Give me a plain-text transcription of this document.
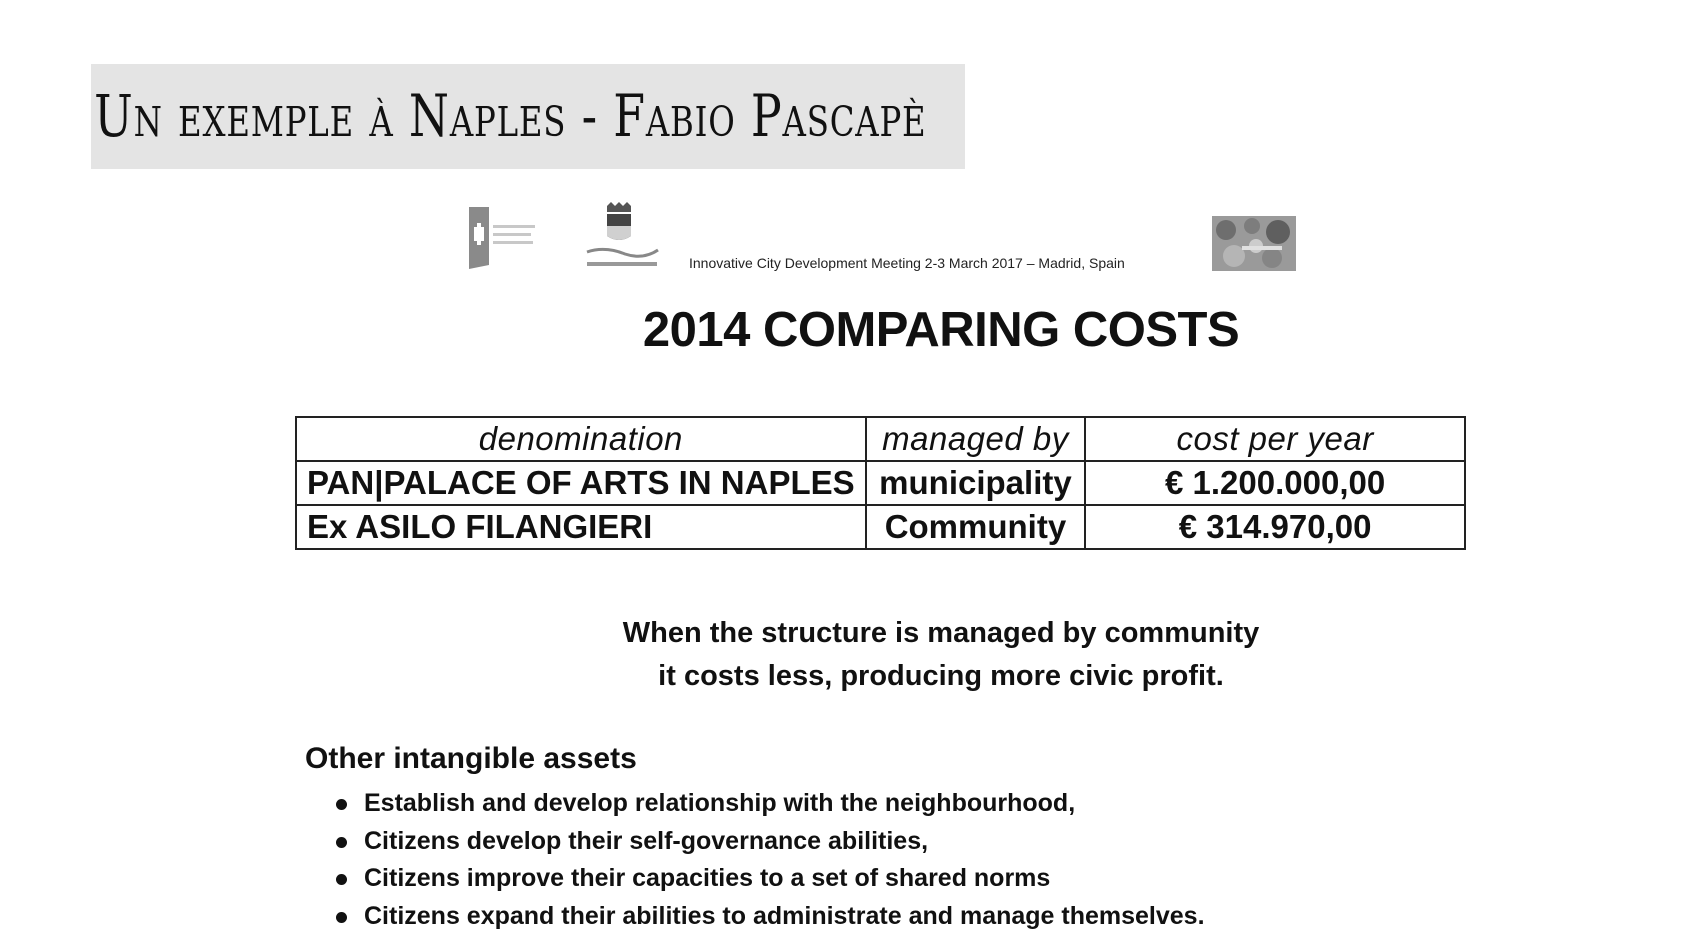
Un exemple à Naples - Fabio Pascapè
Innovative City Development Meeting 2-3 March 2017 – Madrid, Spain
2014 COMPARING COSTS
denomination	managed by	cost per year
PAN|PALACE OF ARTS IN NAPLES	municipality	€ 1.200.000,00
Ex ASILO FILANGIERI	Community	€ 314.970,00
When the structure is managed by community
it costs less, producing more civic profit.
Other intangible assets
Establish and develop relationship with the neighbourhood,
Citizens develop their self-governance abilities,
Citizens improve their capacities to a set of shared norms
Citizens expand their abilities to administrate and manage themselves.
